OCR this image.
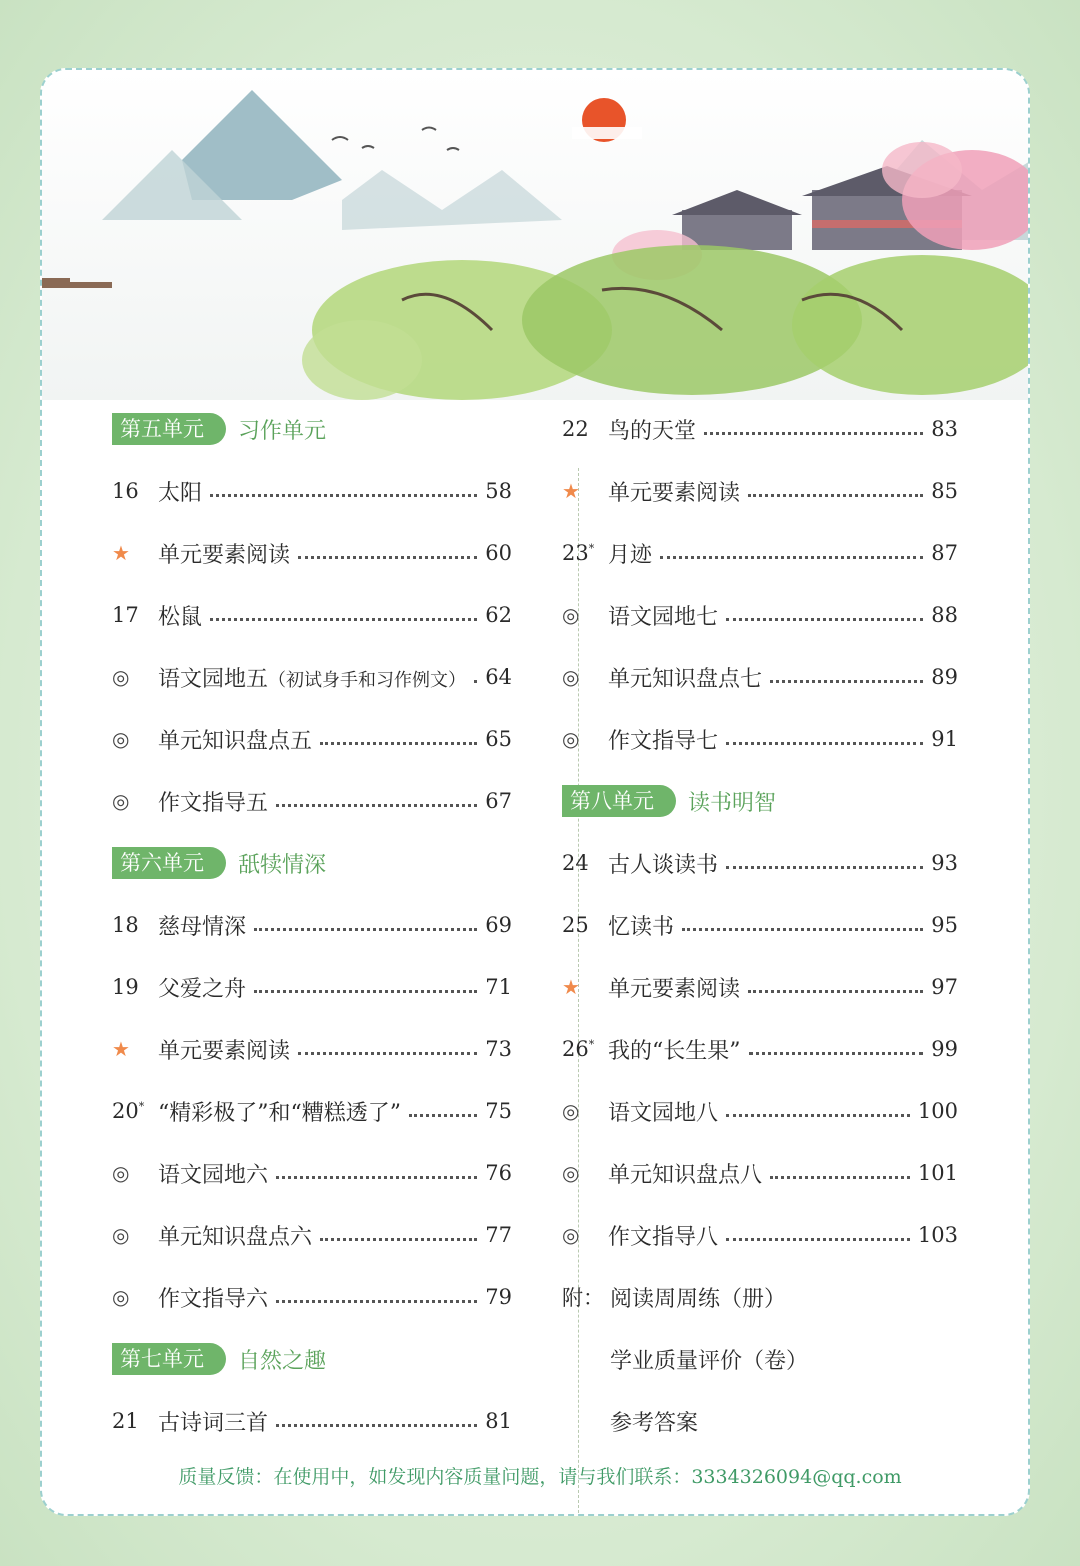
第五单元	习作单元
16 太阳	58
★	单元要素阅读	60
17 松鼠	62
◎	语文园地五（初试身手和习作例文） 64
◎	单元知识盘点五	65
◎	作文指导五	67
第六单元	舐犊情深
18 慈母情深	69
19 父爱之舟	71
★	单元要素阅读	73
20* “精彩极了”和“糟糕透了”	75
◎	语文园地六	76
◎	单元知识盘点六	77
◎	作文指导六	79
第七单元	自然之趣
21 古诗词三首	81
22 鸟的天堂	83
★	单元要素阅读	85
23* 月迹	87
◎	语文园地七	88
◎	单元知识盘点七	89
◎	作文指导七	91
第八单元	读书明智
24 古人谈读书	93
25 忆读书	95
★	单元要素阅读	97
26* 我的“长生果”	99
◎	语文园地八	100
◎	单元知识盘点八	101
◎	作文指导八	103
附： 阅读周周练（册）
学业质量评价（卷）
参考答案
质量反馈：在使用中，如发现内容质量问题，请与我们联系：3334326094@qq.com
